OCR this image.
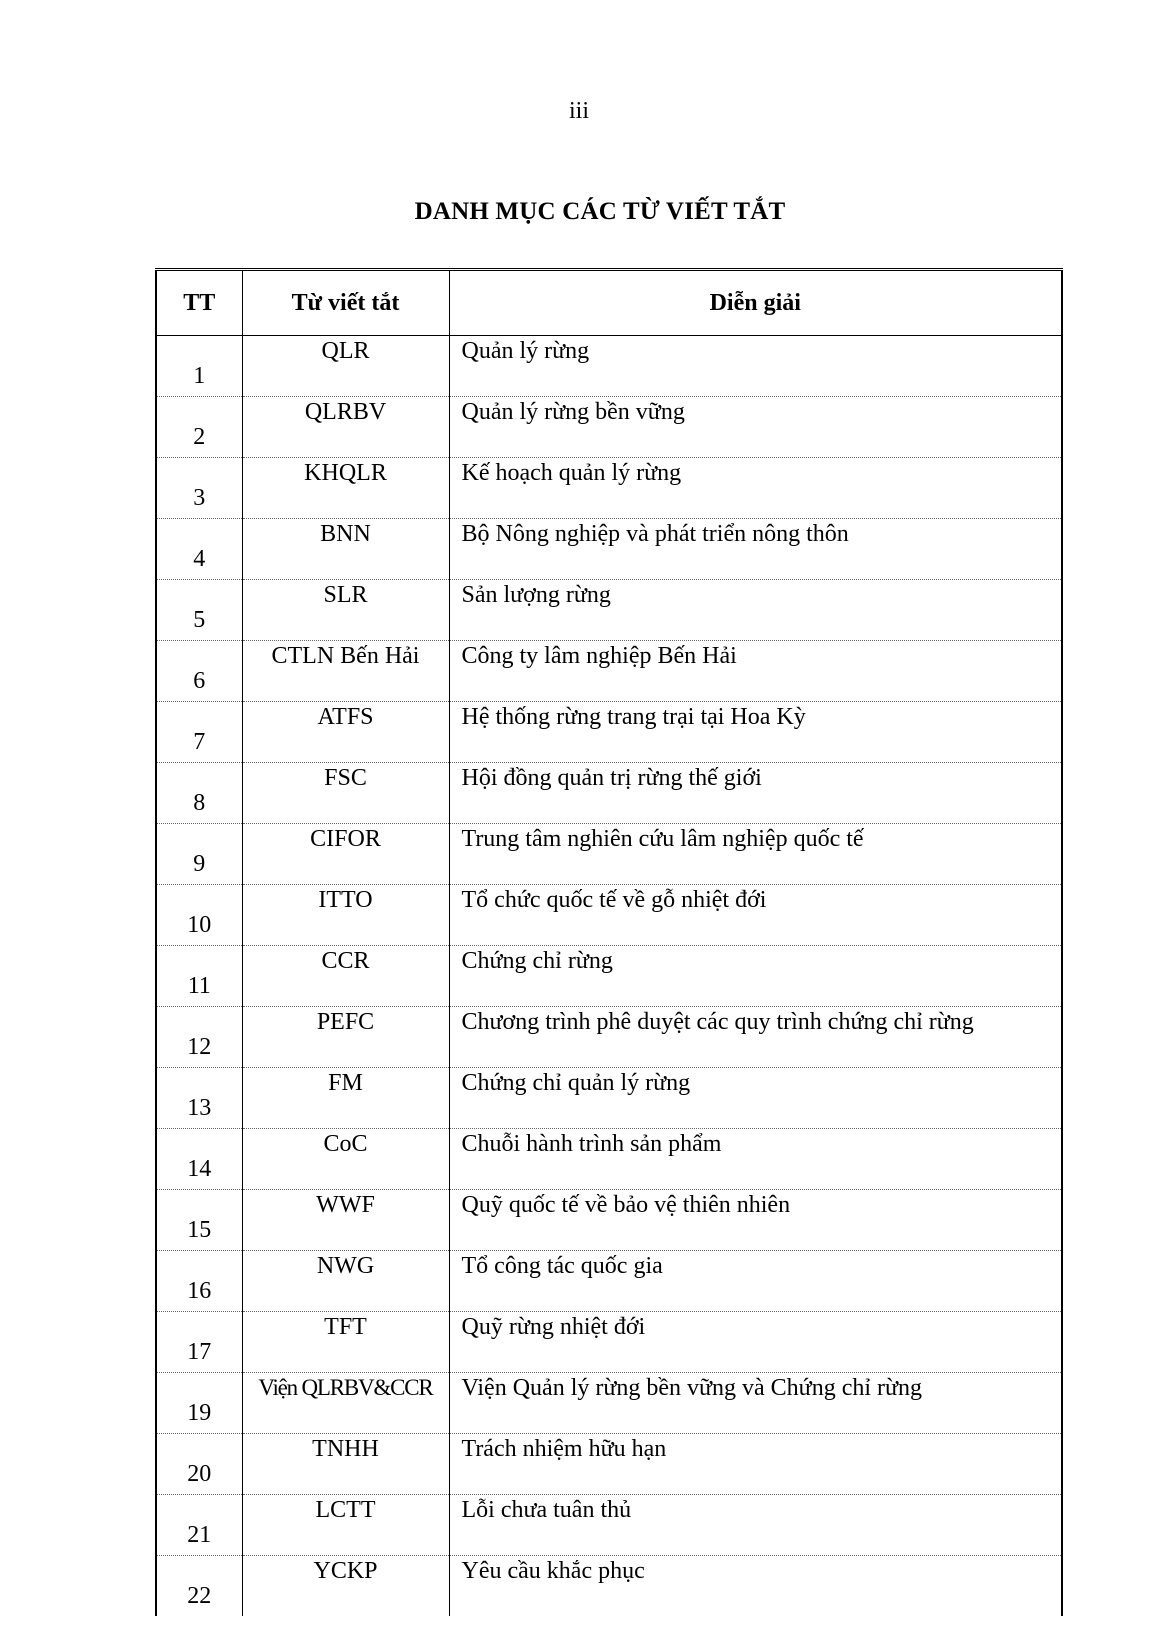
iii
DANH MỤC CÁC TỪ VIẾT TẮT
TT	Từ viết tắt	Diễn giải
1	QLR	Quản lý rừng
2	QLRBV	Quản lý rừng bền vững
3	KHQLR	Kế hoạch quản lý rừng
4	BNN	Bộ Nông nghiệp và phát triển nông thôn
5	SLR	Sản lượng rừng
6	CTLN Bến Hải	Công ty lâm nghiệp Bến Hải
7	ATFS	Hệ thống rừng trang trại tại Hoa Kỳ
8	FSC	Hội đồng quản trị rừng thế giới
9	CIFOR	Trung tâm nghiên cứu lâm nghiệp quốc tế
10	ITTO	Tổ chức quốc tế về gỗ nhiệt đới
11	CCR	Chứng chỉ rừng
12	PEFC	Chương trình phê duyệt các quy trình chứng chỉ rừng
13	FM	Chứng chỉ quản lý rừng
14	CoC	Chuỗi hành trình sản phẩm
15	WWF	Quỹ quốc tế về bảo vệ thiên nhiên
16	NWG	Tổ công tác quốc gia
17	TFT	Quỹ rừng nhiệt đới
19	Viện QLRBV&CCR	Viện Quản lý rừng bền vững và Chứng chỉ rừng
20	TNHH	Trách nhiệm hữu hạn
21	LCTT	Lỗi chưa tuân thủ
22	YCKP	Yêu cầu khắc phục
